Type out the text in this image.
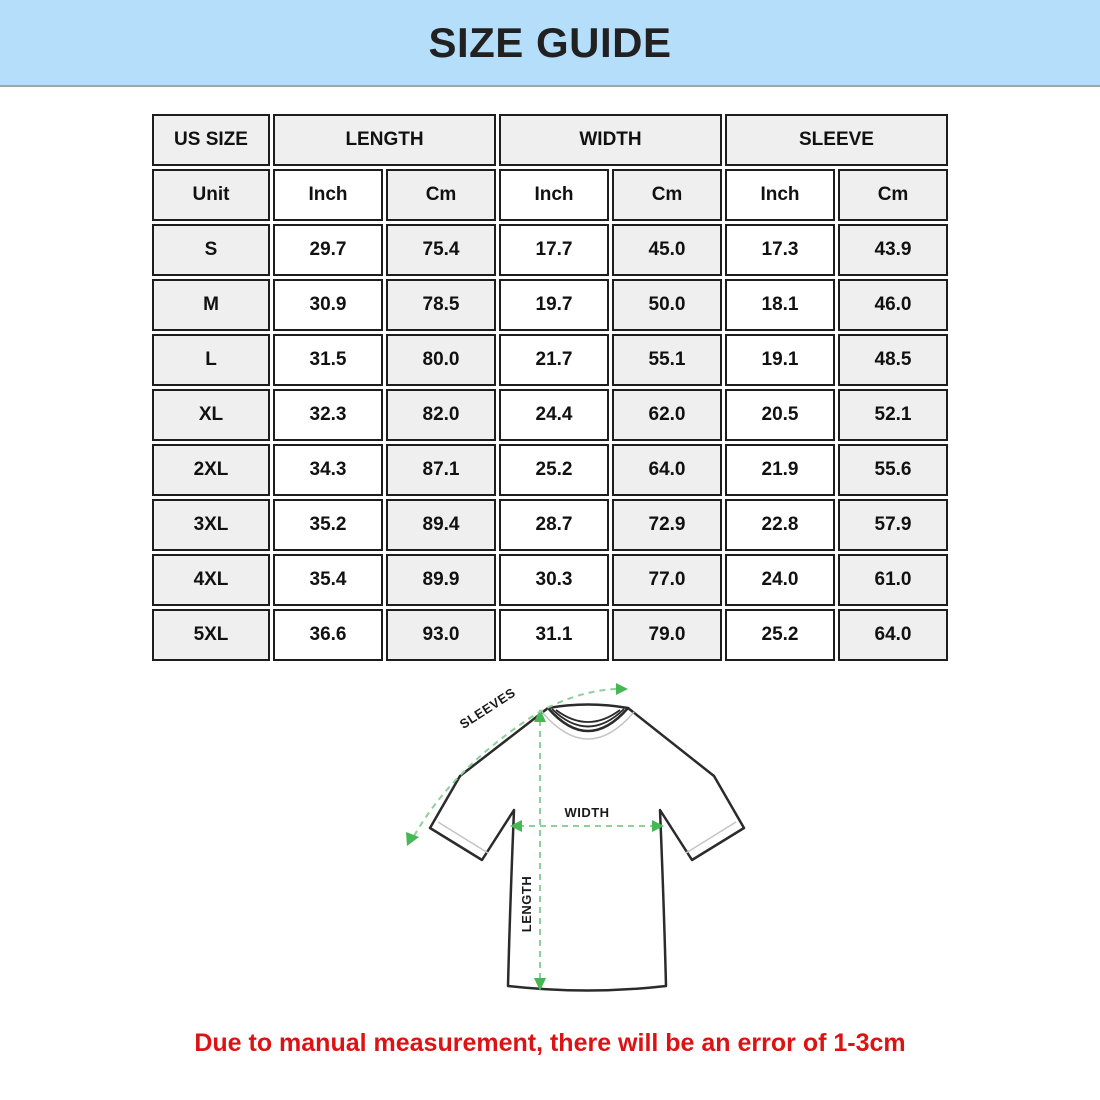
SIZE GUIDE
US SIZE	LENGTH		WIDTH		SLEEVE	
Unit	Inch	Cm	Inch	Cm	Inch	Cm
S	29.7	75.4	17.7	45.0	17.3	43.9
M	30.9	78.5	19.7	50.0	18.1	46.0
L	31.5	80.0	21.7	55.1	19.1	48.5
XL	32.3	82.0	24.4	62.0	20.5	52.1
2XL	34.3	87.1	25.2	64.0	21.9	55.6
3XL	35.2	89.4	28.7	72.9	22.8	57.9
4XL	35.4	89.9	30.3	77.0	24.0	61.0
5XL	36.6	93.0	31.1	79.0	25.2	64.0
LENGTH
WIDTH
SLEEVES
Due to manual measurement, there will be an error of 1-3cm
